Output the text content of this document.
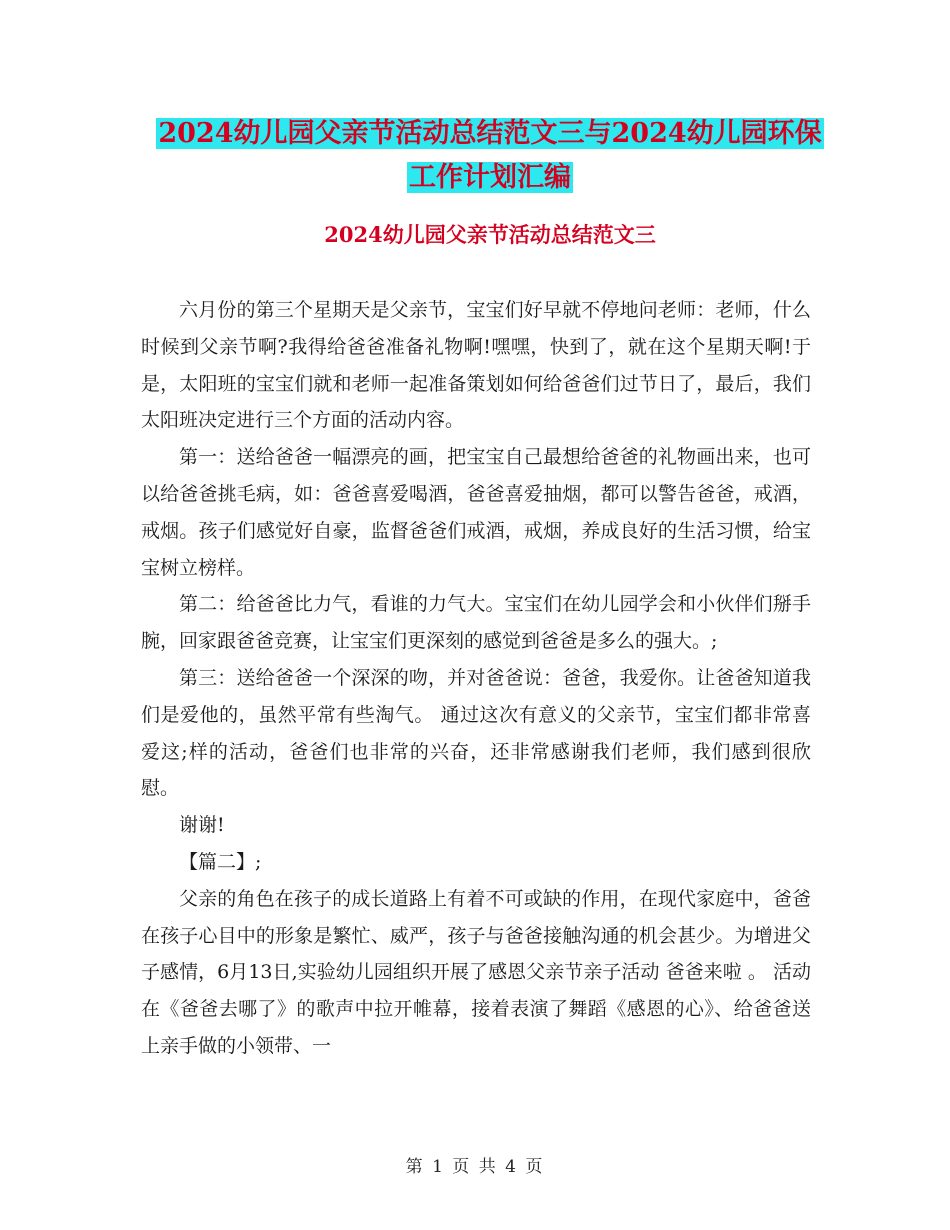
2024幼儿园父亲节活动总结范文三与2024幼儿园环保
工作计划汇编
2024幼儿园父亲节活动总结范文三

六月份的第三个星期天是父亲节，宝宝们好早就不停地问老师：老师，什么时候到父亲节啊?我得给爸爸准备礼物啊!嘿嘿，快到了，就在这个星期天啊!于是，太阳班的宝宝们就和老师一起准备策划如何给爸爸们过节日了，最后，我们太阳班决定进行三个方面的活动内容。

第一：送给爸爸一幅漂亮的画，把宝宝自己最想给爸爸的礼物画出来，也可以给爸爸挑毛病，如：爸爸喜爱喝酒，爸爸喜爱抽烟，都可以警告爸爸，戒酒，戒烟。孩子们感觉好自豪，监督爸爸们戒酒，戒烟，养成良好的生活习惯，给宝宝树立榜样。

第二：给爸爸比力气，看谁的力气大。宝宝们在幼儿园学会和小伙伴们掰手腕，回家跟爸爸竞赛，让宝宝们更深刻的感觉到爸爸是多么的强大。;

第三：送给爸爸一个深深的吻，并对爸爸说：爸爸，我爱你。让爸爸知道我们是爱他的，虽然平常有些淘气。 通过这次有意义的父亲节，宝宝们都非常喜爱这;样的活动，爸爸们也非常的兴奋，还非常感谢我们老师，我们感到很欣慰。

谢谢!

【篇二】;

父亲的角色在孩子的成长道路上有着不可或缺的作用，在现代家庭中，爸爸在孩子心目中的形象是繁忙、威严，孩子与爸爸接触沟通的机会甚少。为增进父子感情，6月13日,实验幼儿园组织开展了感恩父亲节亲子活动 爸爸来啦 。 活动在《爸爸去哪了》的歌声中拉开帷幕，接着表演了舞蹈《感恩的心》、给爸爸送上亲手做的小领带、一

第 1 页 共 4 页
